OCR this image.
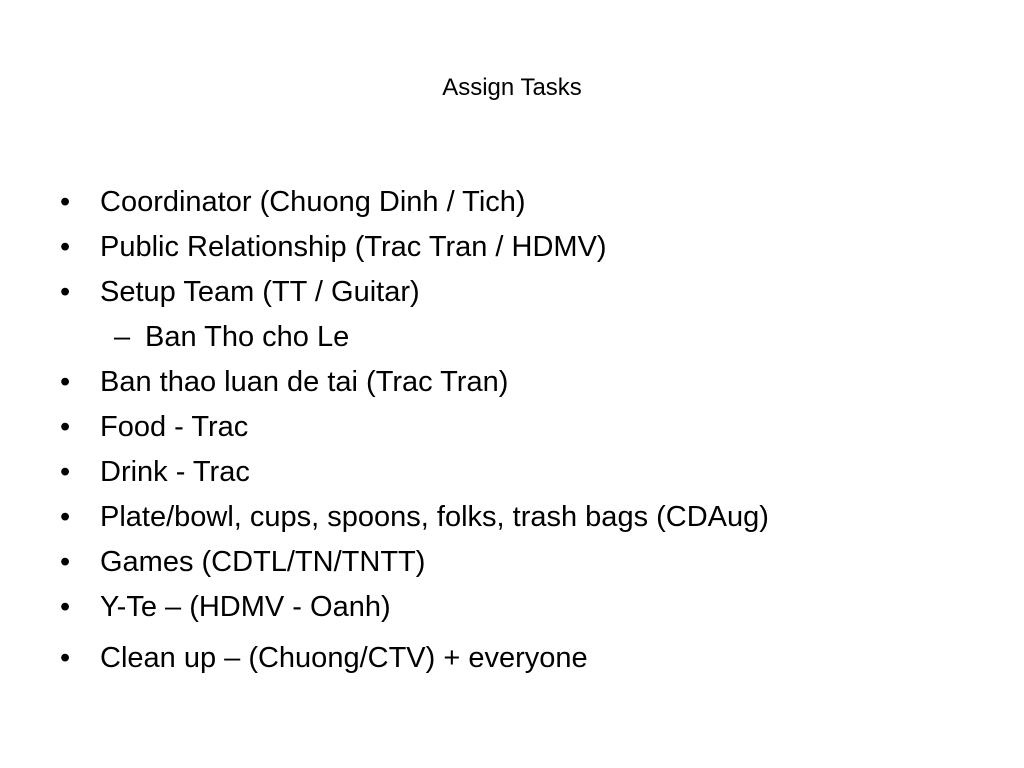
Assign Tasks
•	Coordinator (Chuong Dinh / Tich)
•	Public Relationship (Trac Tran / HDMV)
•	Setup Team (TT / Guitar)
– Ban Tho cho Le
•	Ban thao luan de tai (Trac Tran)
•	Food - Trac
•	Drink - Trac
•	Plate/bowl, cups, spoons, folks, trash bags (CDAug)
•	Games (CDTL/TN/TNTT)
•	Y-Te – (HDMV - Oanh)
•	Clean up – (Chuong/CTV) + everyone
